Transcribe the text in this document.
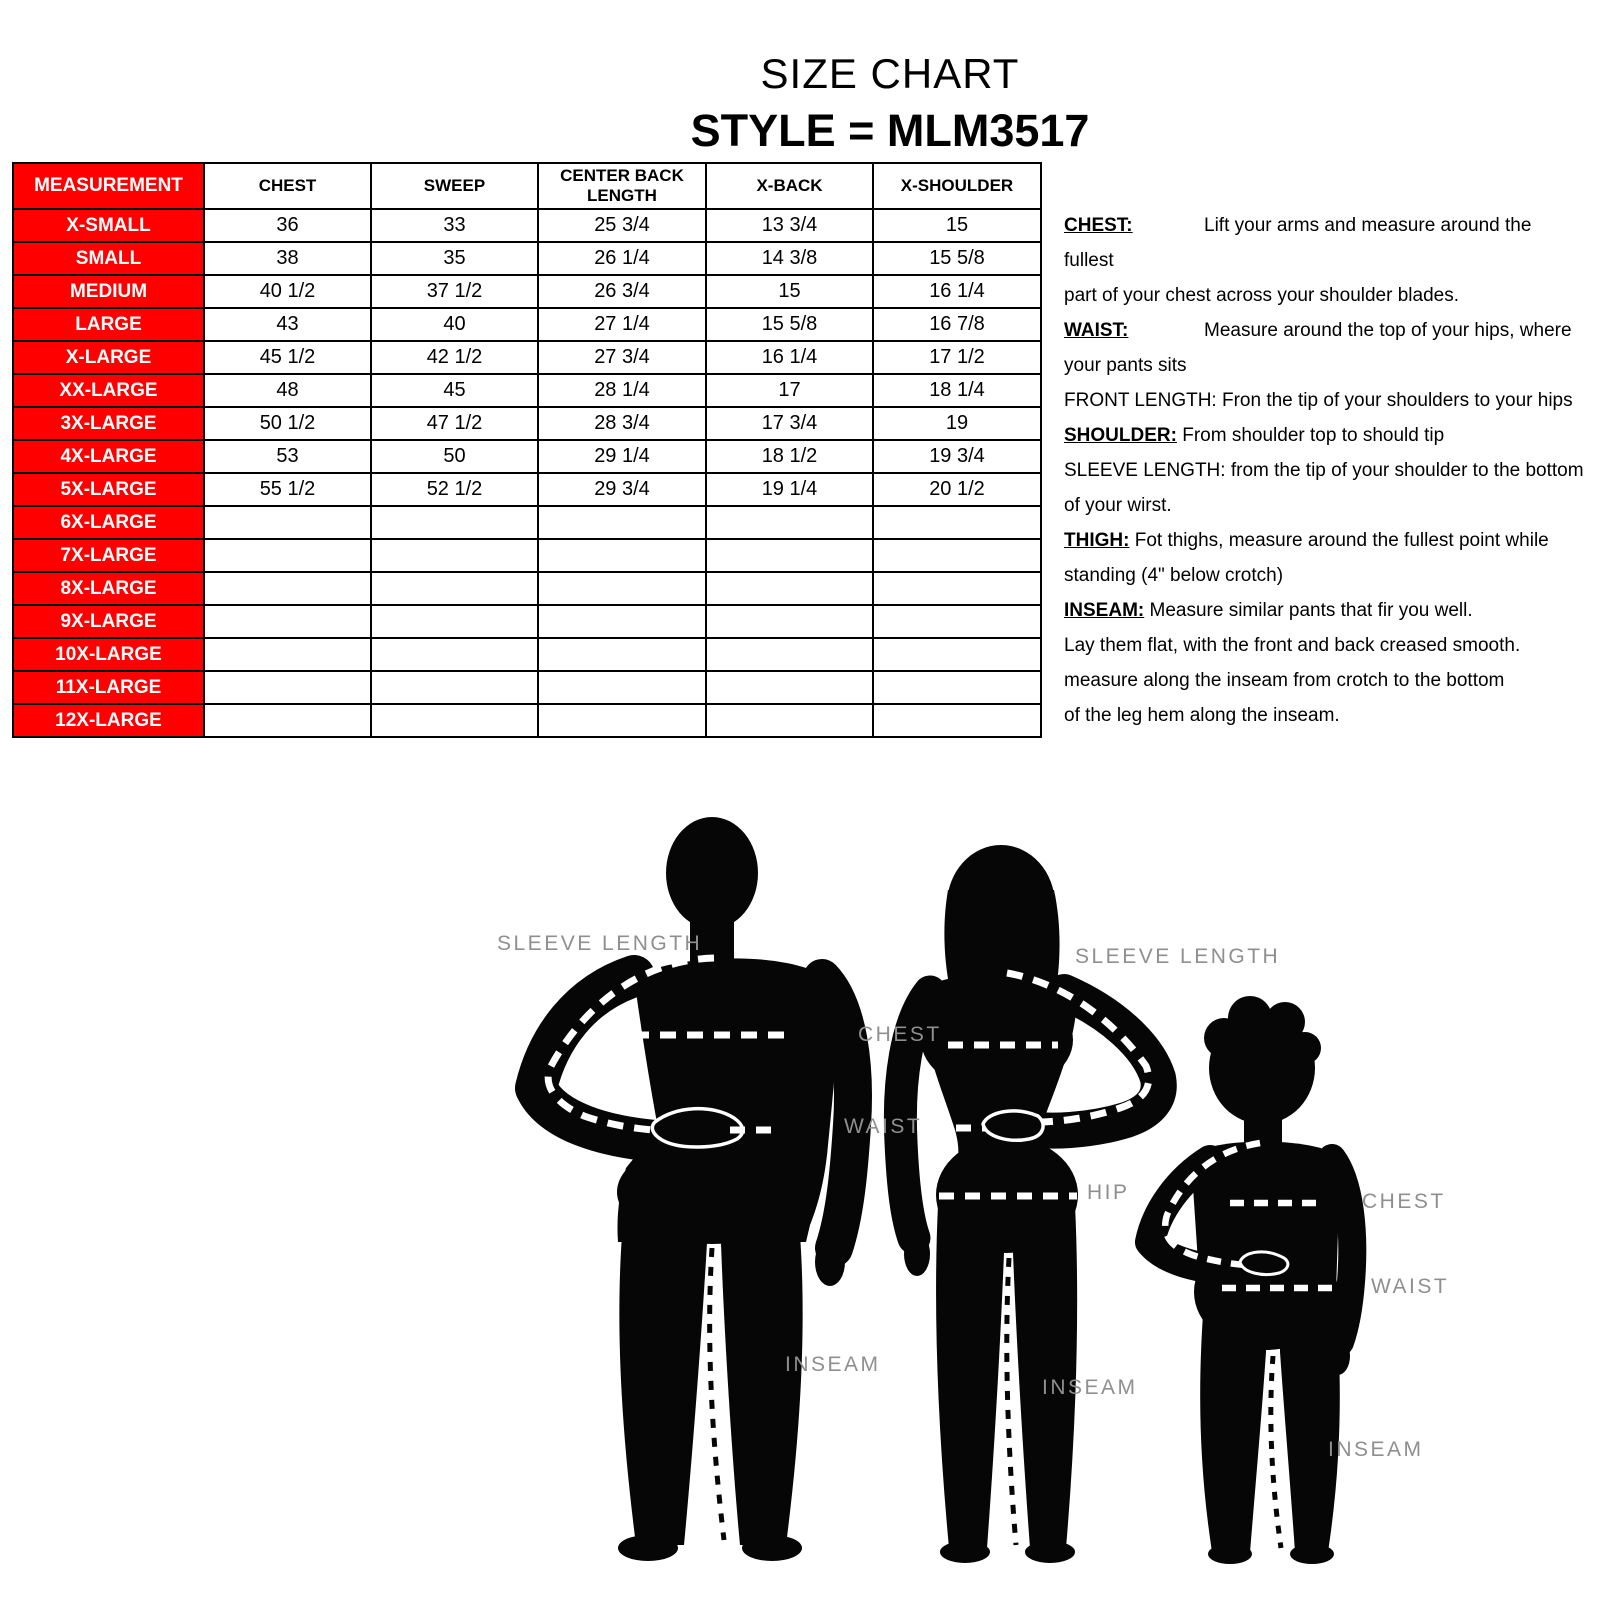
SIZE CHART
STYLE = MLM3517
MEASUREMENT	CHEST	SWEEP	CENTER BACK LENGTH	X-BACK	X-SHOULDER
X-SMALL	36	33	25 3/4	13 3/4	15
SMALL	38	35	26 1/4	14 3/8	15 5/8
MEDIUM	40 1/2	37 1/2	26 3/4	15	16 1/4
LARGE	43	40	27 1/4	15 5/8	16 7/8
X-LARGE	45 1/2	42 1/2	27 3/4	16 1/4	17 1/2
XX-LARGE	48	45	28 1/4	17	18 1/4
3X-LARGE	50 1/2	47 1/2	28 3/4	17 3/4	19
4X-LARGE	53	50	29 1/4	18 1/2	19 3/4
5X-LARGE	55 1/2	52 1/2	29 3/4	19 1/4	20 1/2
6X-LARGE					
7X-LARGE					
8X-LARGE					
9X-LARGE					
10X-LARGE					
11X-LARGE					
12X-LARGE					
CHEST:	Lift your arms and measure around the fullest
part of your chest across your shoulder blades.
WAIST:	Measure around the top of your hips, where
your pants sits
FRONT LENGTH: Fron the tip of your shoulders to your hips
SHOULDER: From shoulder top to should tip
SLEEVE LENGTH: from the tip of your shoulder to the bottom
of your wirst.
THIGH: Fot thighs, measure around the fullest point while
standing (4" below crotch)
INSEAM: Measure similar pants that fir you well.
Lay them flat, with the front and back creased smooth.
measure along the inseam from crotch to the bottom
of the leg hem along the inseam.
SLEEVE LENGTH
CHEST
WAIST
INSEAM
SLEEVE LENGTH
HIP
INSEAM
CHEST
WAIST
INSEAM
